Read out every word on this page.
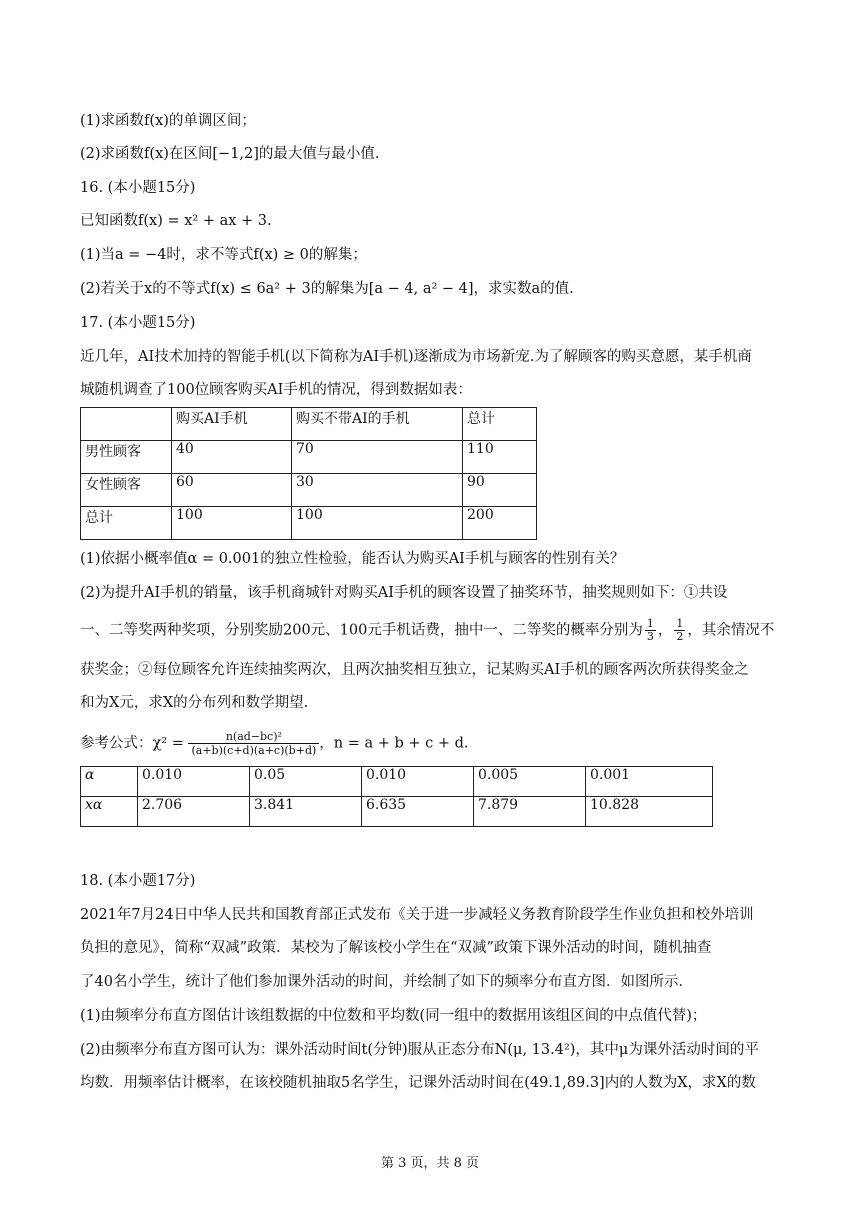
(1)求函数f(x)的单调区间；
(2)求函数f(x)在区间[−1,2]的最大值与最小值.
16. (本小题15分)
已知函数f(x) = x² + ax + 3.
(1)当a = −4时，求不等式f(x) ≥ 0的解集；
(2)若关于x的不等式f(x) ≤ 6a² + 3的解集为[a − 4, a² − 4]，求实数a的值.
17. (本小题15分)
近几年，AI技术加持的智能手机(以下简称为AI手机)逐渐成为市场新宠.为了解顾客的购买意愿，某手机商
城随机调查了100位顾客购买AI手机的情况，得到数据如表：
	购买AI手机	购买不带AI的手机	总计
男性顾客	40	70	110
女性顾客	60	30	90
总计	100	100	200
(1)依据小概率值α = 0.001的独立性检验，能否认为购买AI手机与顾客的性别有关？
(2)为提升AI手机的销量，该手机商城针对购买AI手机的顾客设置了抽奖环节，抽奖规则如下：①共设
一、二等奖两种奖项，分别奖励200元、100元手机话费，抽中一、二等奖的概率分别为 $\frac{1}{3}$ ， $\frac{1}{2}$ ，其余情况不
获奖金；②每位顾客允许连续抽奖两次，且两次抽奖相互独立，记某购买AI手机的顾客两次所获得奖金之
和为X元，求X的分布列和数学期望.
参考公式：$\chi^2 = \frac{\text{n(ad−bc)²}}{(a+b)(c+d)(a+c)(b+d)}$ ，n = a + b + c + d.
α	0.010	0.05	0.010	0.005	0.001
xα	2.706	3.841	6.635	7.879	10.828
18. (本小题17分)
2021年7月24日中华人民共和国教育部正式发布《关于进一步减轻义务教育阶段学生作业负担和校外培训
负担的意见》，简称“双减”政策．某校为了解该校小学生在“双减”政策下课外活动的时间，随机抽查
了40名小学生，统计了他们参加课外活动的时间，并绘制了如下的频率分布直方图．如图所示．
(1)由频率分布直方图估计该组数据的中位数和平均数(同一组中的数据用该组区间的中点值代替)；
(2)由频率分布直方图可认为：课外活动时间t(分钟)服从正态分布N(μ, 13.4²)，其中μ为课外活动时间的平
均数．用频率估计概率，在该校随机抽取5名学生，记课外活动时间在(49.1,89.3]内的人数为X，求X的数
第 3 页，共 8 页
